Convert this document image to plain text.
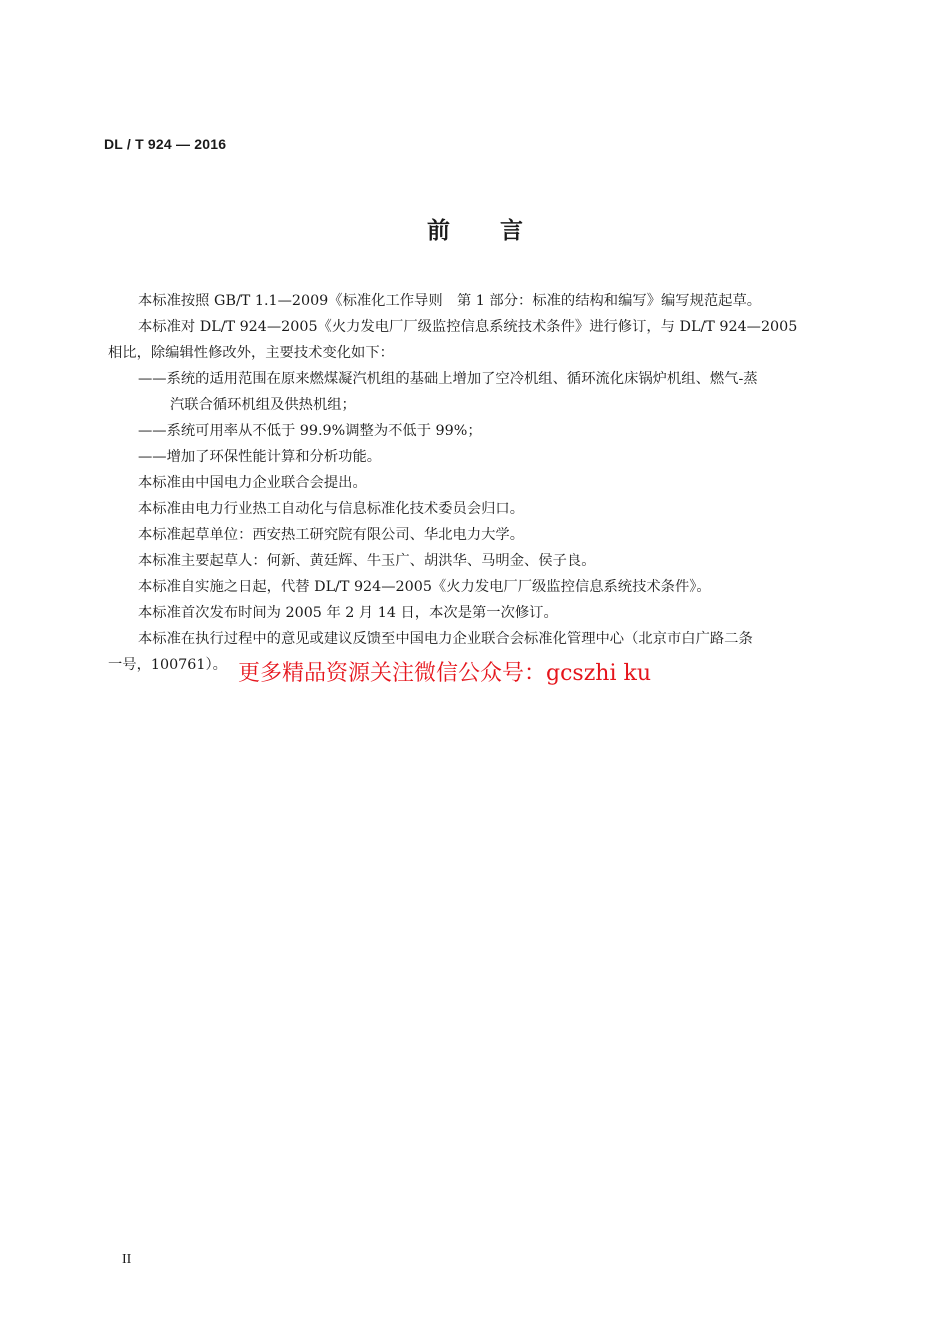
DL / T 924 — 2016
前言
本标准按照 GB/T 1.1—2009《标准化工作导则　第 1 部分：标准的结构和编写》编写规范起草。
本标准对 DL/T 924—2005《火力发电厂厂级监控信息系统技术条件》进行修订，与 DL/T 924—2005
相比，除编辑性修改外，主要技术变化如下：
——系统的适用范围在原来燃煤凝汽机组的基础上增加了空冷机组、循环流化床锅炉机组、燃气-蒸
汽联合循环机组及供热机组；
——系统可用率从不低于 99.9%调整为不低于 99%；
——增加了环保性能计算和分析功能。
本标准由中国电力企业联合会提出。
本标准由电力行业热工自动化与信息标准化技术委员会归口。
本标准起草单位：西安热工研究院有限公司、华北电力大学。
本标准主要起草人：何新、黄廷辉、牛玉广、胡洪华、马明金、侯子良。
本标准自实施之日起，代替 DL/T 924—2005《火力发电厂厂级监控信息系统技术条件》。
本标准首次发布时间为 2005 年 2 月 14 日，本次是第一次修订。
本标准在执行过程中的意见或建议反馈至中国电力企业联合会标准化管理中心（北京市白广路二条
一号，100761）。 更多精品资源关注微信公众号：gcszhi ku
II
